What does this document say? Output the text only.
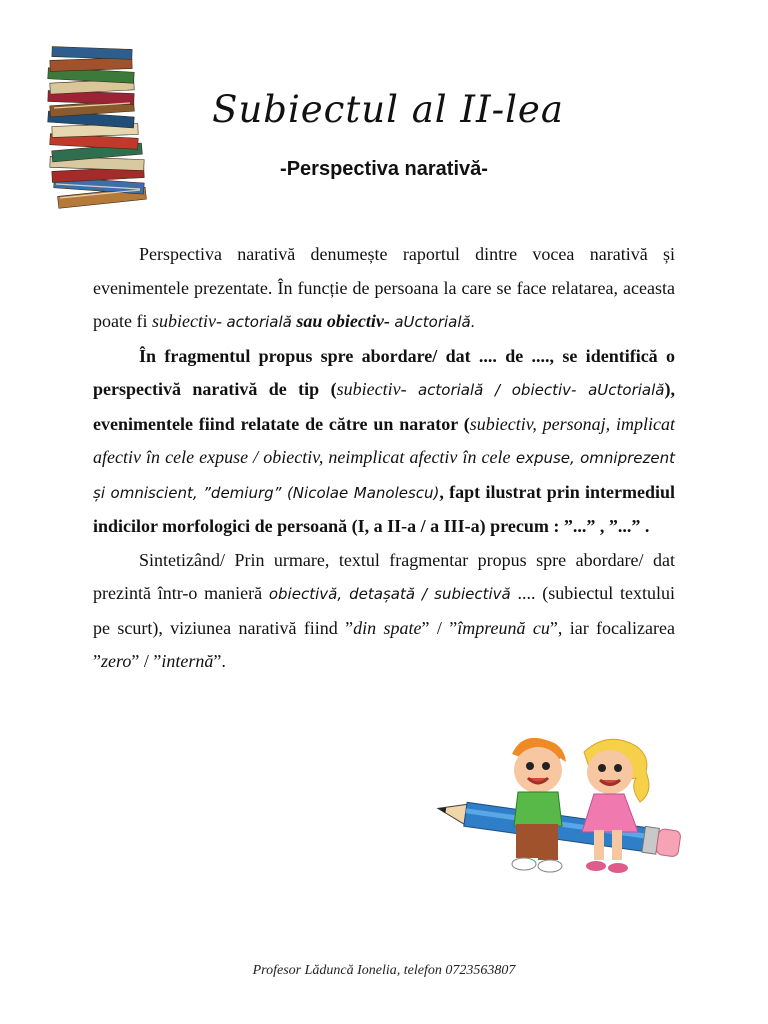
Subiectul al II-lea
-Perspectiva narativă-

Perspectiva narativă denumește raportul dintre vocea narativă și evenimentele prezentate. În funcție de persoana la care se face relatarea, aceasta poate fi subiectiv- actorială sau obiectiv- aUctorială.

În fragmentul propus spre abordare/ dat .... de ...., se identifică o perspectivă narativă de tip (subiectiv- actorială / obiectiv- aUctorială), evenimentele fiind relatate de către un narator (subiectiv, personaj, implicat afectiv în cele expuse / obiectiv, neimplicat afectiv în cele expuse, omniprezent și omniscient, ”demiurg” (Nicolae Manolescu), fapt ilustrat prin intermediul indicilor morfologici de persoană (I, a II-a / a III-a) precum : ”...” , ”...” .

Sintetizând/ Prin urmare, textul fragmentar propus spre abordare/ dat prezintă într-o manieră obiectivă, detașată / subiectivă .... (subiectul textului pe scurt), viziunea narativă fiind ”din spate” / ”împreună cu”, iar focalizarea ”zero” / ”internă”.

Profesor Lăduncă Ionelia, telefon 0723563807
